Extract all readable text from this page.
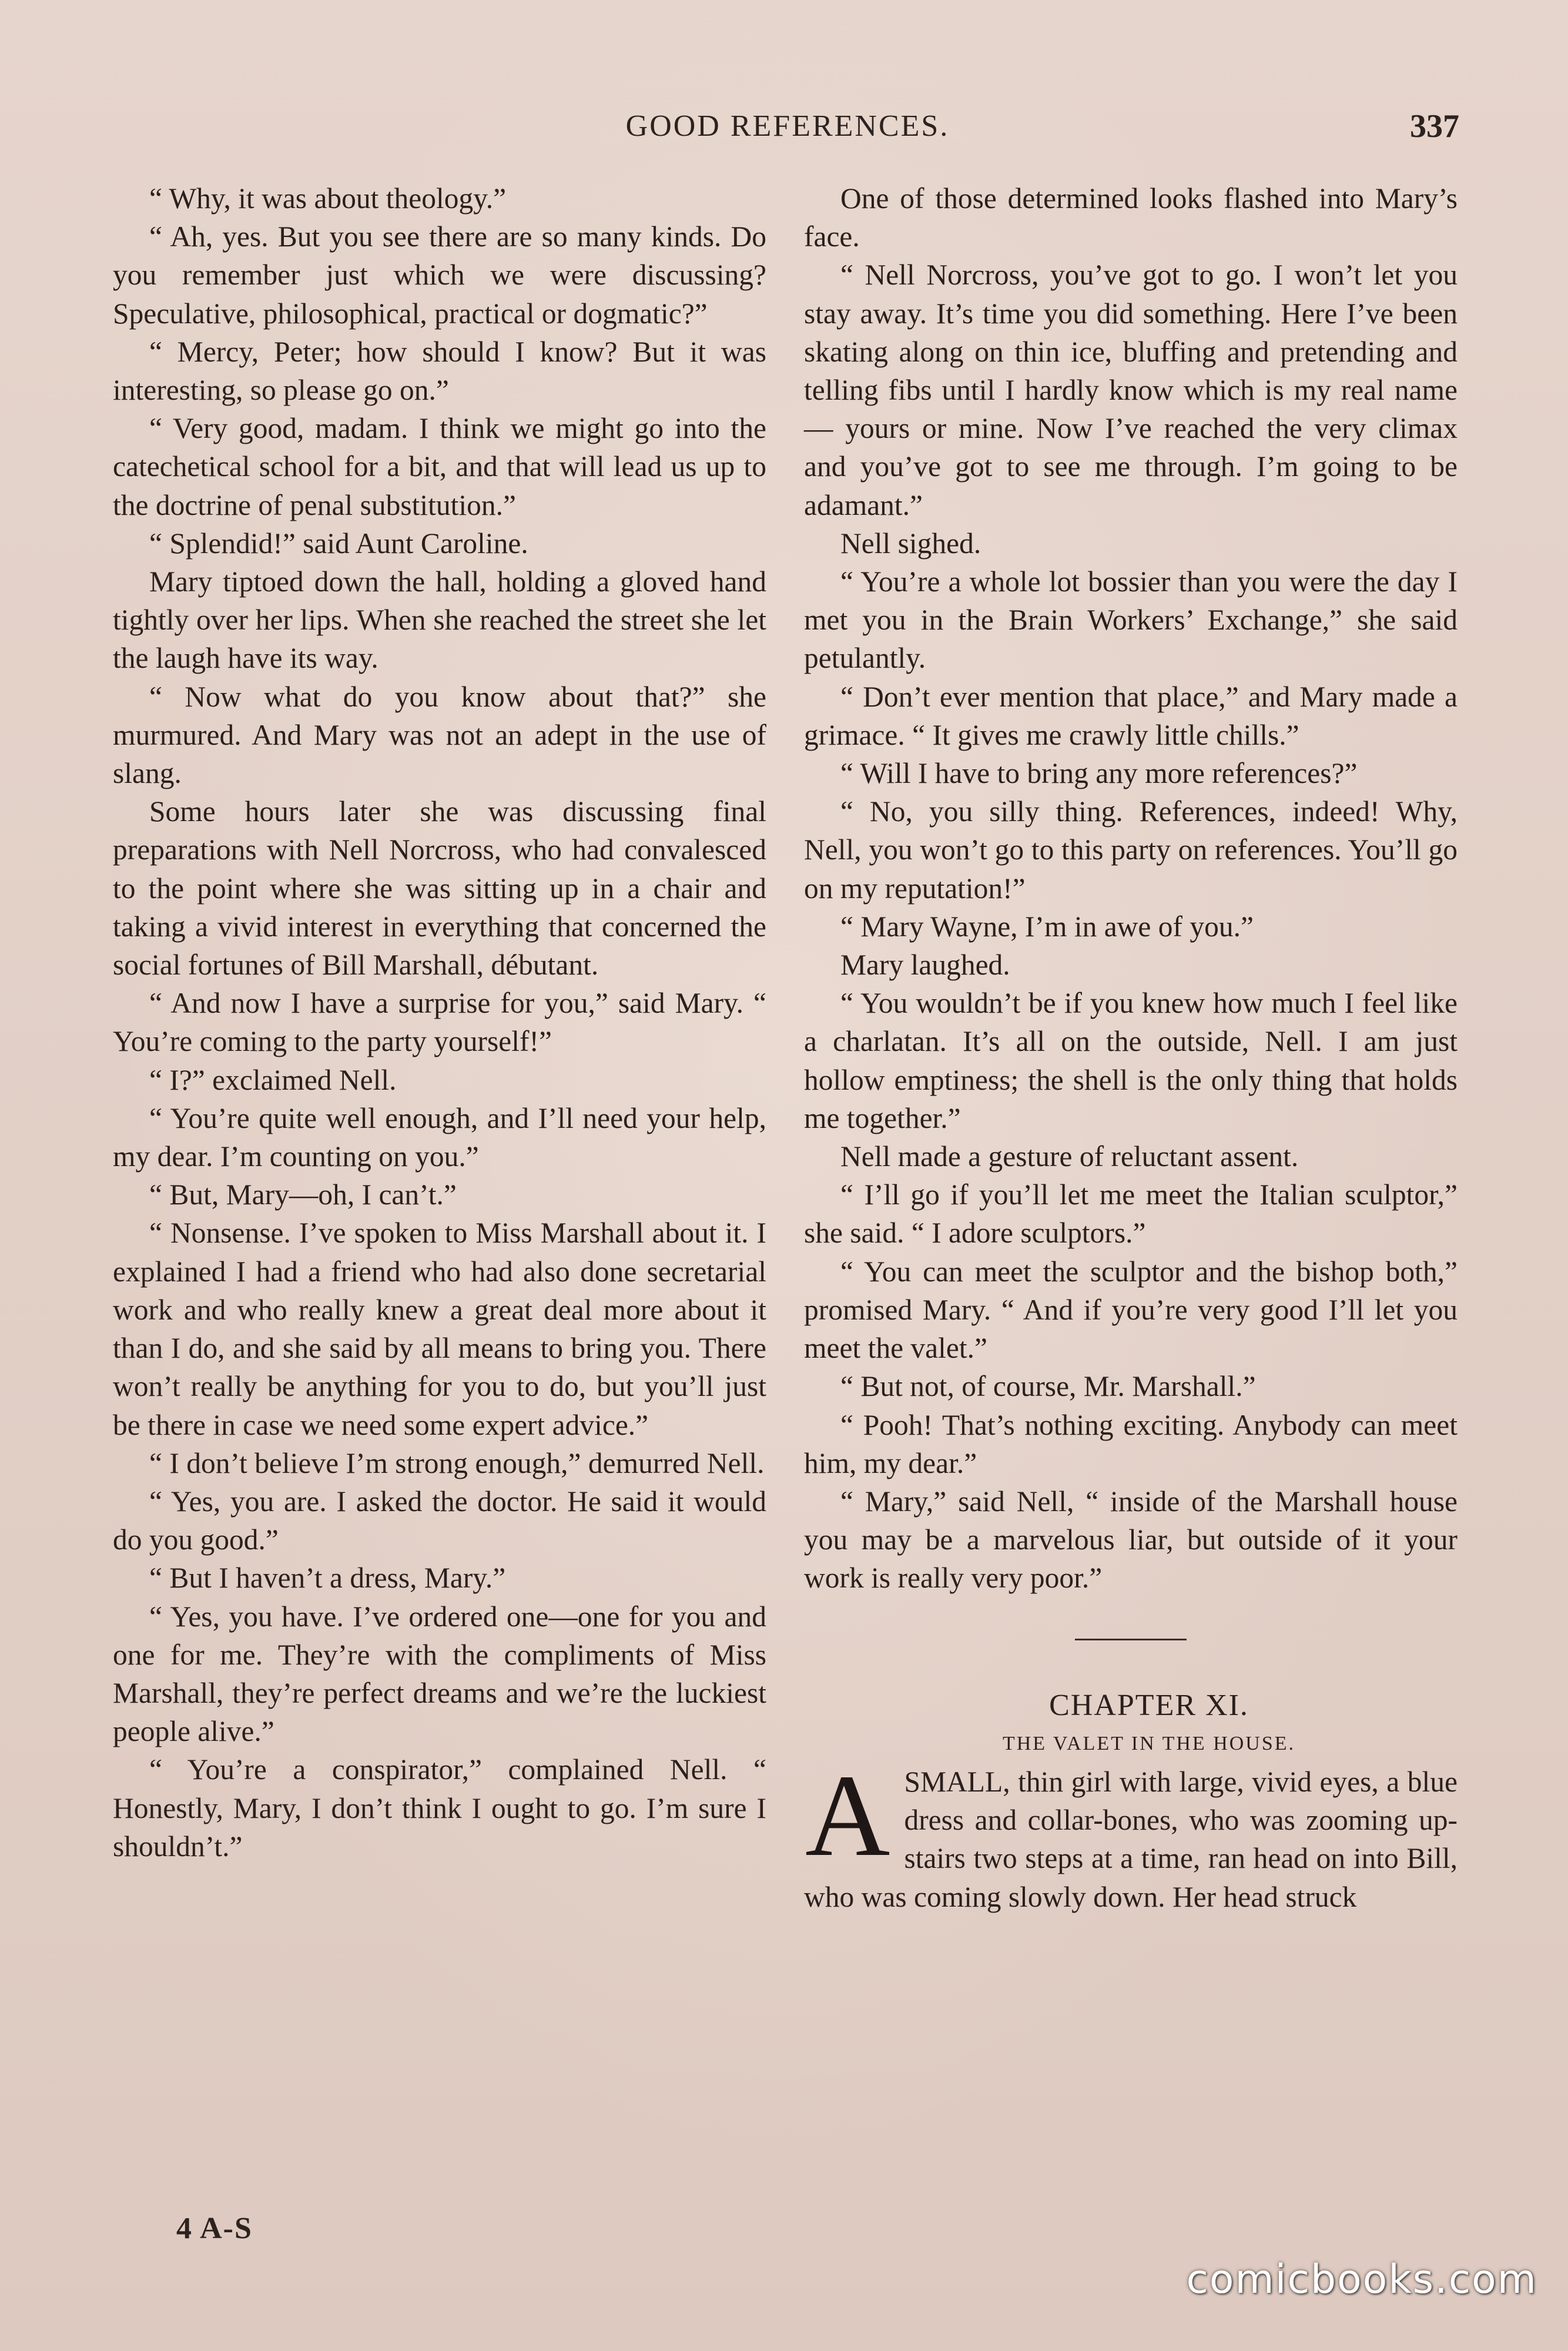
GOOD REFERENCES.	337

“ Why, it was about theology.”

“ Ah, yes. But you see there are so many kinds. Do you remember just which we were discussing? Speculative, philosophical, practical or dogmatic?”

“ Mercy, Peter; how should I know? But it was interesting, so please go on.”

“ Very good, madam. I think we might go into the catechetical school for a bit, and that will lead us up to the doctrine of penal substitution.”

“ Splendid!” said Aunt Caroline.

Mary tiptoed down the hall, holding a gloved hand tightly over her lips. When she reached the street she let the laugh have its way.

“ Now what do you know about that?” she murmured. And Mary was not an adept in the use of slang.

Some hours later she was discussing final preparations with Nell Norcross, who had convalesced to the point where she was sitting up in a chair and taking a vivid interest in everything that concerned the social fortunes of Bill Marshall, débutant.

“ And now I have a surprise for you,” said Mary. “ You’re coming to the party yourself!”

“ I?” exclaimed Nell.

“ You’re quite well enough, and I’ll need your help, my dear. I’m counting on you.”

“ But, Mary—oh, I can’t.”

“ Nonsense. I’ve spoken to Miss Marshall about it. I explained I had a friend who had also done secretarial work and who really knew a great deal more about it than I do, and she said by all means to bring you. There won’t really be anything for you to do, but you’ll just be there in case we need some expert advice.”

“ I don’t believe I’m strong enough,” demurred Nell.

“ Yes, you are. I asked the doctor. He said it would do you good.”

“ But I haven’t a dress, Mary.”

“ Yes, you have. I’ve ordered one—one for you and one for me. They’re with the compliments of Miss Marshall, they’re perfect dreams and we’re the luckiest people alive.”

“ You’re a conspirator,” complained Nell. “ Honestly, Mary, I don’t think I ought to go. I’m sure I shouldn’t.”

One of those determined looks flashed into Mary’s face.

“ Nell Norcross, you’ve got to go. I won’t let you stay away. It’s time you did something. Here I’ve been skating along on thin ice, bluffing and pretending and telling fibs until I hardly know which is my real name — yours or mine. Now I’ve reached the very climax and you’ve got to see me through. I’m going to be adamant.”

Nell sighed.

“ You’re a whole lot bossier than you were the day I met you in the Brain Workers’ Exchange,” she said petulantly.

“ Don’t ever mention that place,” and Mary made a grimace. “ It gives me crawly little chills.”

“ Will I have to bring any more references?”

“ No, you silly thing. References, indeed! Why, Nell, you won’t go to this party on references. You’ll go on my reputation!”

“ Mary Wayne, I’m in awe of you.”

Mary laughed.

“ You wouldn’t be if you knew how much I feel like a charlatan. It’s all on the outside, Nell. I am just hollow emptiness; the shell is the only thing that holds me together.”

Nell made a gesture of reluctant assent.

“ I’ll go if you’ll let me meet the Italian sculptor,” she said. “ I adore sculptors.”

“ You can meet the sculptor and the bishop both,” promised Mary. “ And if you’re very good I’ll let you meet the valet.”

“ But not, of course, Mr. Marshall.”

“ Pooh! That’s nothing exciting. Anybody can meet him, my dear.”

“ Mary,” said Nell, “ inside of the Marshall house you may be a marvelous liar, but outside of it your work is really very poor.”

CHAPTER XI.

THE VALET IN THE HOUSE.

ASMALL, thin girl with large, vivid eyes, a blue dress and collar-bones, who was zooming up-stairs two steps at a time, ran head on into Bill, who was coming slowly down. Her head struck

4 A-S
comicbooks.com
